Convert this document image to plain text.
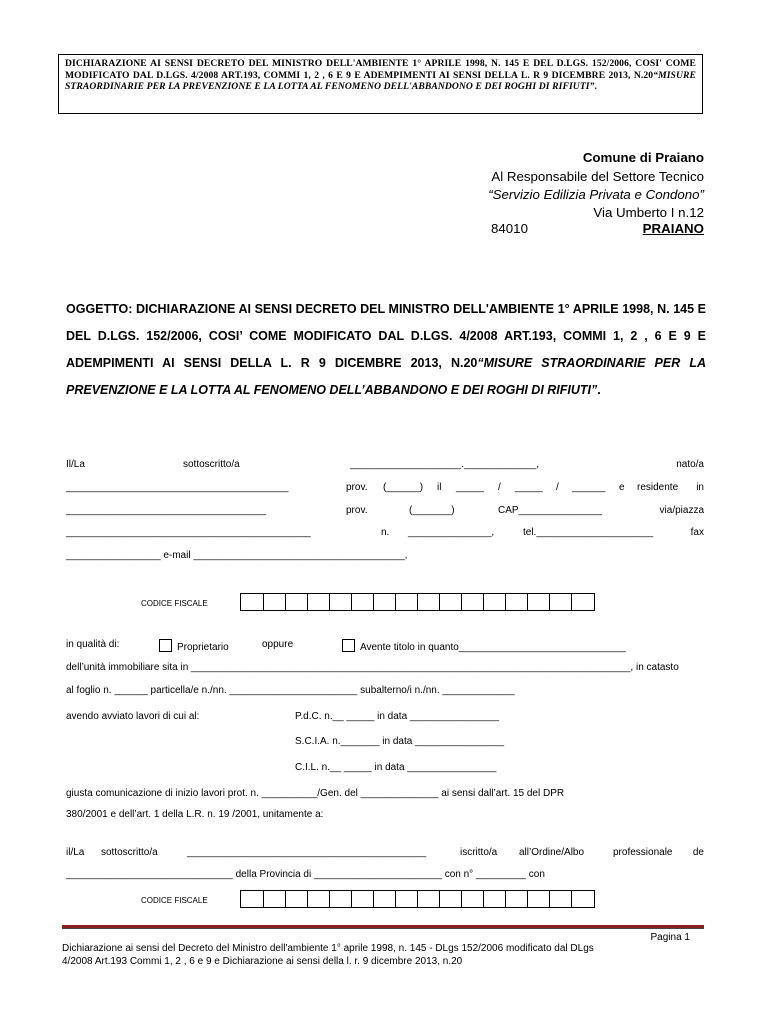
DICHIARAZIONE AI SENSI DECRETO DEL MINISTRO DELL'AMBIENTE 1° APRILE 1998, N. 145 E DEL D.LGS. 152/2006, COSI' COME MODIFICATO DAL D.LGS. 4/2008 ART.193, COMMI 1, 2 , 6 E 9 E ADEMPIMENTI AI SENSI DELLA L. R 9 DICEMBRE 2013, N.20“MISURE STRAORDINARIE PER LA PREVENZIONE E LA LOTTA AL FENOMENO DELL'ABBANDONO E DEI ROGHI DI RIFIUTI”.
Comune di Praiano
Al Responsabile del Settore Tecnico
“Servizio Edilizia Privata e Condono”
Via Umberto I n.12
84010	PRAIANO
OGGETTO: DICHIARAZIONE AI SENSI DECRETO DEL MINISTRO DELL'AMBIENTE 1° APRILE 1998, N. 145 E DEL D.LGS. 152/2006, COSI’ COME MODIFICATO DAL D.LGS. 4/2008 ART.193, COMMI 1, 2 , 6 E 9 E ADEMPIMENTI AI SENSI DELLA L. R 9 DICEMBRE 2013, N.20“MISURE STRAORDINARIE PER LA PREVENZIONE E LA LOTTA AL FENOMENO DELL’ABBANDONO E DEI ROGHI DI RIFIUTI”.
Il/La	sottoscritto/a	____________________._____________,	nato/a
________________________________________	prov. (______) il _____ / _____ / ______ e residente in
____________________________________	prov.	(_______)	CAP_______________	via/piazza
____________________________________________	n. _______________,	tel._____________________	fax
_________________ e-mail ______________________________________,
CODICE FISCALE
in qualità di:	Proprietario	oppure	Avente titolo in quanto______________________________
dell’unità immobiliare sita in _______________________________________________________________________________, in catasto
al foglio n. ______ particella/e n./nn. _______________________ subalterno/i n./nn. _____________
avendo avviato lavori di cui al:	P.d.C. n.__ _____ in data ________________
S.C.I.A. n._______ in data ________________
C.I.L. n.__ _____ in data ________________
giusta comunicazione di inizio lavori prot. n. __________/Gen. del ______________ ai sensi dall’art. 15 del DPR
380/2001 e dell’art. 1 della L.R. n. 19 /2001, unitamente a:
il/La sottoscritto/a	___________________________________________	iscritto/a all’Ordine/Albo	professionale de
______________________________ della Provincia di _______________________ con n° _________ con
CODICE FISCALE
Pagina 1
Dichiarazione ai sensi del Decreto del Ministro dell'ambiente 1° aprile 1998, n. 145 - DLgs 152/2006 modificato dal DLgs
4/2008 Art.193 Commi 1, 2 , 6 e 9 e Dichiarazione ai sensi della l. r. 9 dicembre 2013, n.20
